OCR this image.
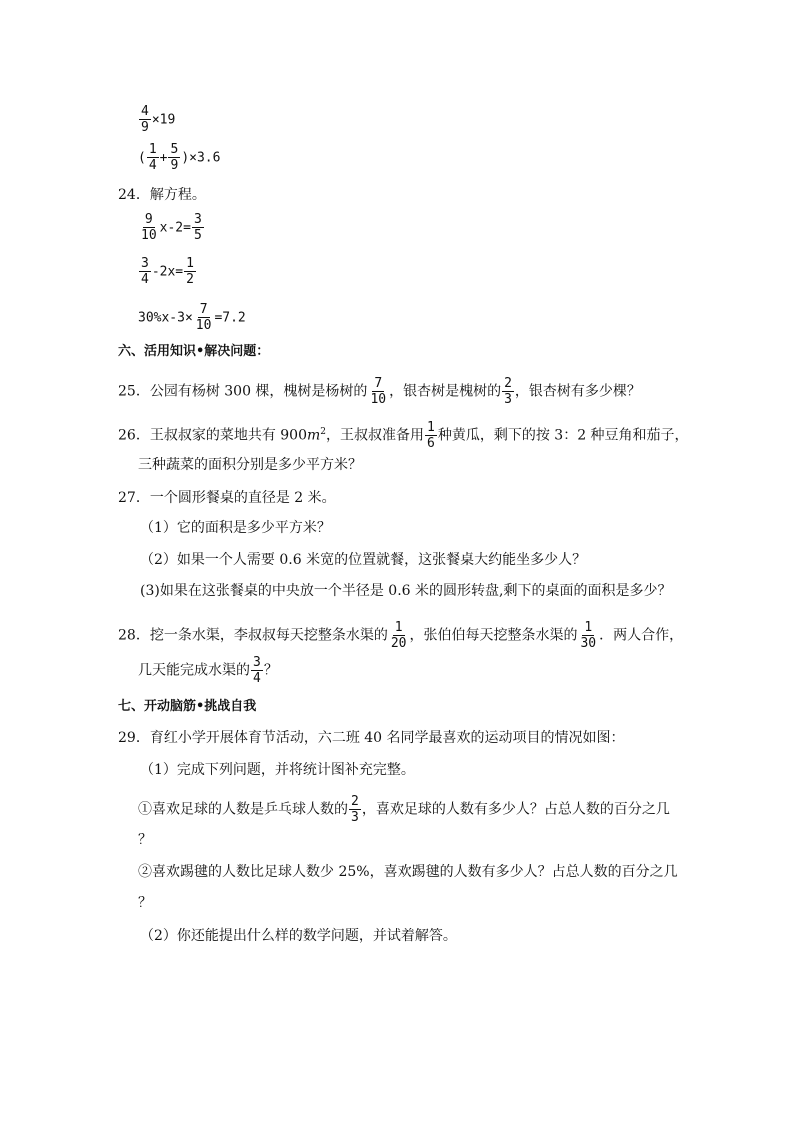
$\frac{4}{9} \times 19$
( $\frac{1}{4} + \frac{5}{9} )\times 3.6$
24．解方程。
$\frac{9}{10} x-2= \frac{3}{5}$
$\frac{3}{4} -2x= \frac{1}{2}$
$30\%x-3\times \frac{7}{10} =7.2$
六、活用知识•解决问题：
25．公园有杨树 300 棵，槐树是杨树的 $\frac{7}{10}$ ，银杏树是槐树的 $\frac{2}{3}$ ，银杏树有多少棵？
26．王叔叔家的菜地共有 $900m^2$，王叔叔准备用 $\frac{1}{6}$ 种黄瓜，剩下的按 3：2 种豆角和茄子，
三种蔬菜的面积分别是多少平方米？
27．一个圆形餐桌的直径是 2 米。
（1）它的面积是多少平方米？
（2）如果一个人需要 0.6 米宽的位置就餐，这张餐桌大约能坐多少人？
(3)如果在这张餐桌的中央放一个半径是 0.6 米的圆形转盘,剩下的桌面的面积是多少？
28．挖一条水渠，李叔叔每天挖整条水渠的 $\frac{1}{20}$ ，张伯伯每天挖整条水渠的 $\frac{1}{30}$ ．两人合作，
几天能完成水渠的 $\frac{3}{4}$ ？
七、开动脑筋•挑战自我
29．育红小学开展体育节活动，六二班 40 名同学最喜欢的运动项目的情况如图：
（1）完成下列问题，并将统计图补充完整。
①喜欢足球的人数是乒乓球人数的 $\frac{2}{3}$ ，喜欢足球的人数有多少人？占总人数的百分之几
？
②喜欢踢毽的人数比足球人数少 25%，喜欢踢毽的人数有多少人？占总人数的百分之几
？
（2）你还能提出什么样的数学问题，并试着解答。
